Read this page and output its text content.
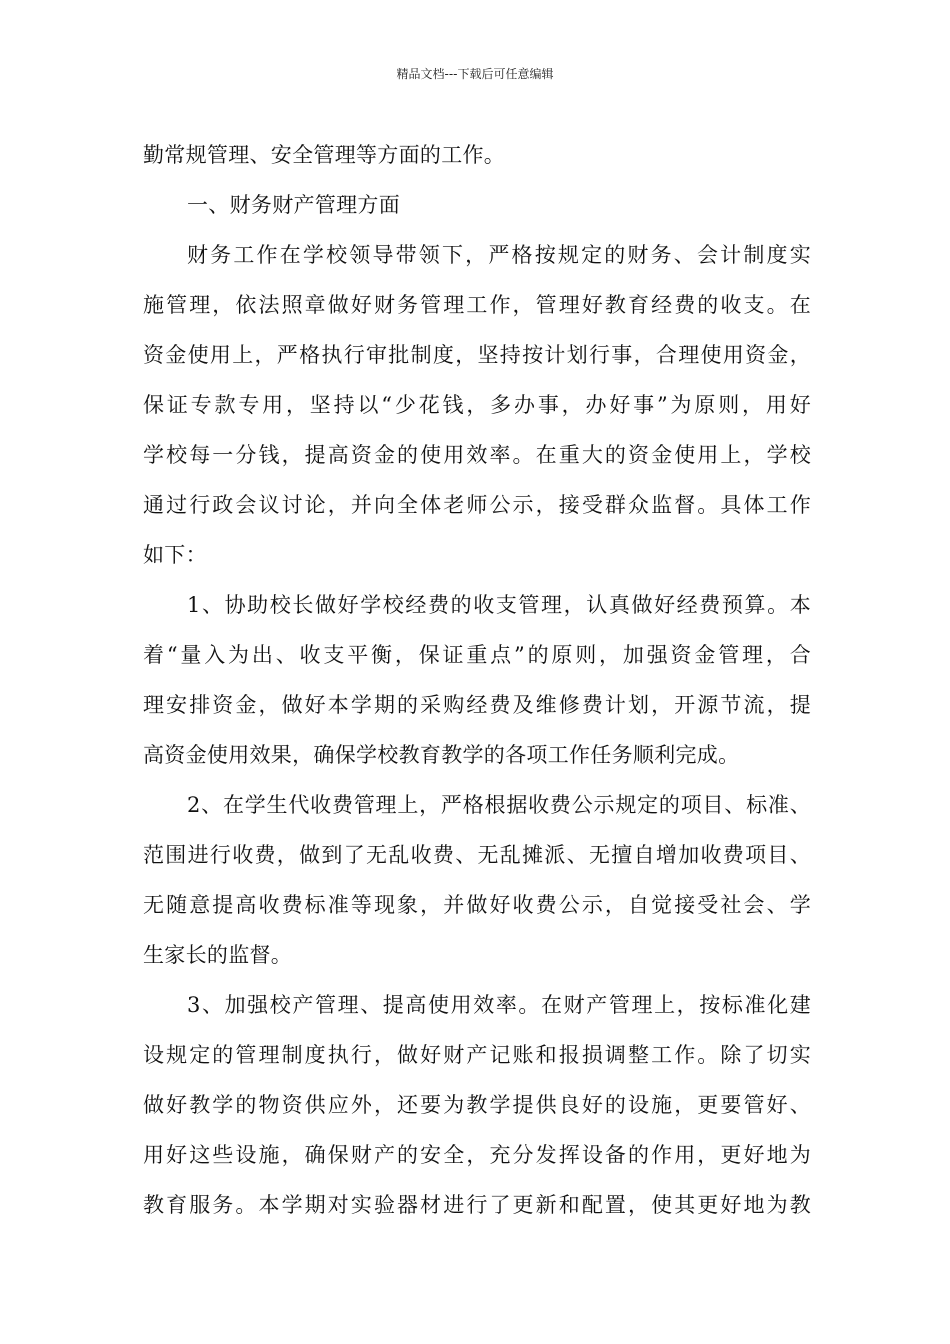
精品文档---下载后可任意编辑
勤常规管理、安全管理等方面的工作。
一、财务财产管理方面
财务工作在学校领导带领下，严格按规定的财务、会计制度实
施管理，依法照章做好财务管理工作，管理好教育经费的收支。在
资金使用上，严格执行审批制度，坚持按计划行事，合理使用资金，
保证专款专用，坚持以“少花钱，多办事，办好事”为原则，用好
学校每一分钱，提高资金的使用效率。在重大的资金使用上，学校
通过行政会议讨论，并向全体老师公示，接受群众监督。具体工作
如下：
1、协助校长做好学校经费的收支管理，认真做好经费预算。本
着“量入为出、收支平衡，保证重点”的原则，加强资金管理，合
理安排资金，做好本学期的采购经费及维修费计划，开源节流，提
高资金使用效果，确保学校教育教学的各项工作任务顺利完成。
2、在学生代收费管理上，严格根据收费公示规定的项目、标准、
范围进行收费，做到了无乱收费、无乱摊派、无擅自增加收费项目、
无随意提高收费标准等现象，并做好收费公示，自觉接受社会、学
生家长的监督。
3、加强校产管理、提高使用效率。在财产管理上，按标准化建
设规定的管理制度执行，做好财产记账和报损调整工作。除了切实
做好教学的物资供应外，还要为教学提供良好的设施，更要管好、
用好这些设施，确保财产的安全，充分发挥设备的作用，更好地为
教育服务。本学期对实验器材进行了更新和配置，使其更好地为教
